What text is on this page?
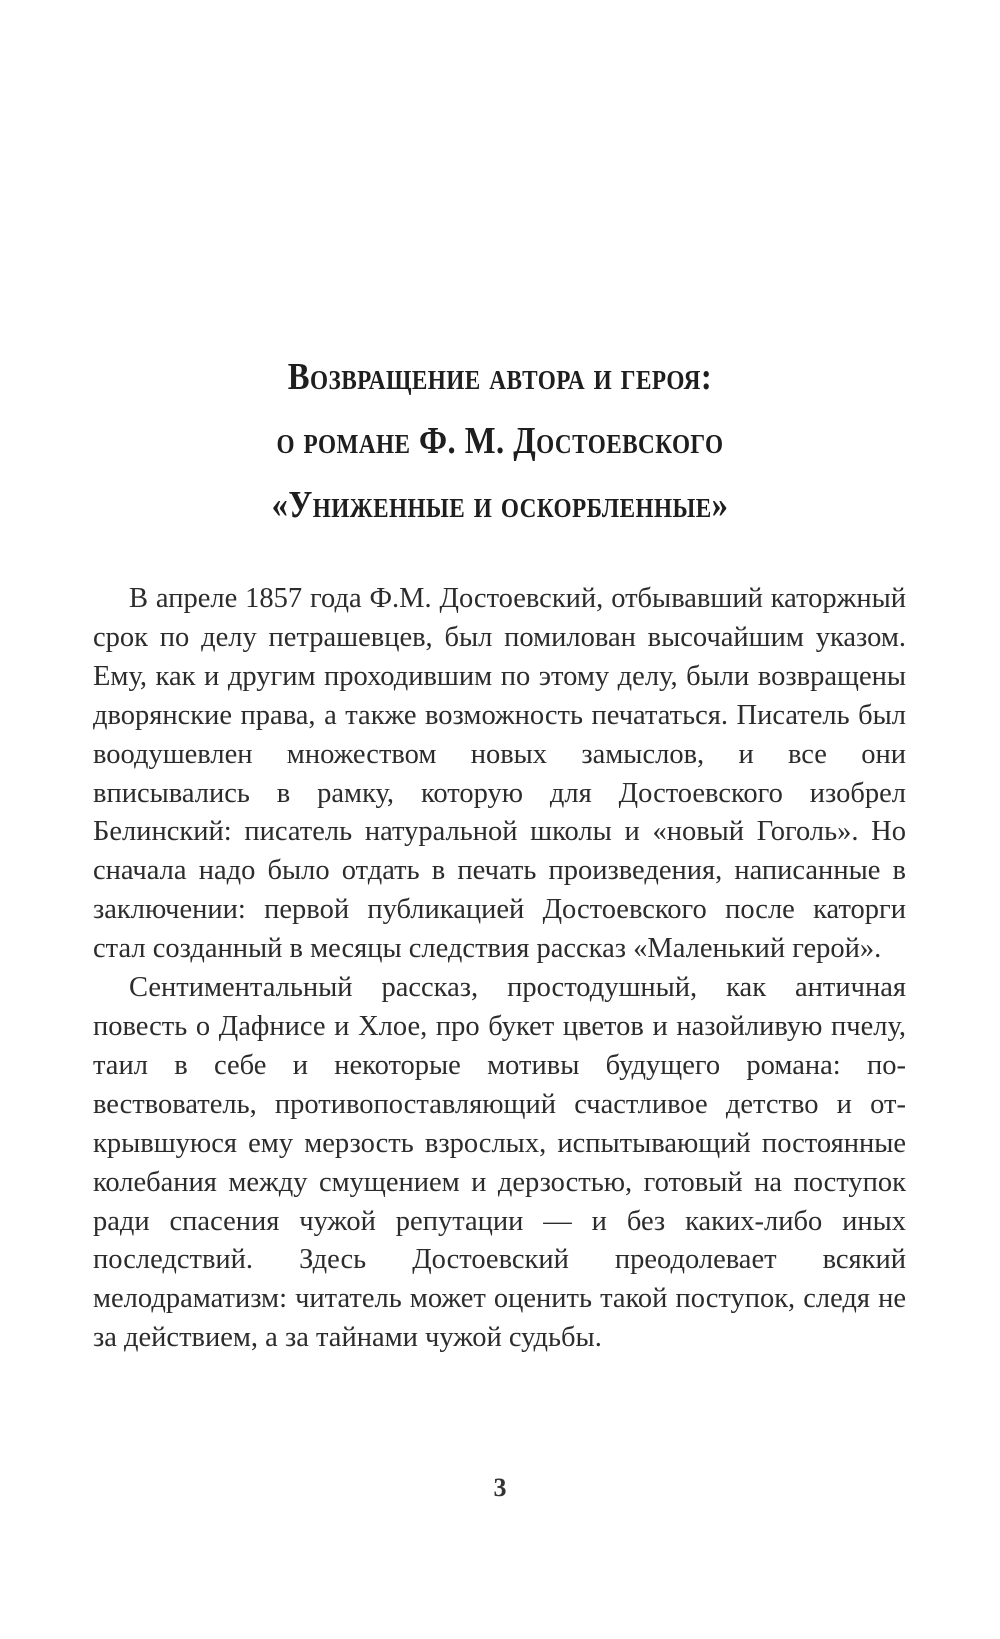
Возвращение автора и героя:
о романе Ф. М. Достоевского
«Униженные и оскорбленные»

В апреле 1857 года Ф.М. Достоевский, отбывавший каторжный срок по делу петрашевцев, был помилован высочайшим указом. Ему, как и другим проходившим по этому делу, были возвращены дворянские права, а также возможность печататься. Писатель был воодушевлен множеством новых замыслов, и все они вписывались в рамку, которую для Достоевского изобрел Белинский: писатель натуральной школы и «новый Гоголь». Но сначала надо было отдать в печать произведения, написанные в заключении: первой публикацией Достоевского после каторги стал созданный в месяцы следствия рассказ «Маленький герой».

Сентиментальный рассказ, простодушный, как античная повесть о Дафнисе и Хлое, про букет цветов и назойливую пчелу, таил в себе и некоторые мотивы будущего романа: повествователь, противопоставляющий счастливое детство и открывшуюся ему мерзость взрослых, испытывающий постоянные колебания между смущением и дерзостью, готовый на поступок ради спасения чужой репутации — и без каких-либо иных последствий. Здесь Достоевский преодолевает всякий мелодраматизм: читатель может оценить такой поступок, следя не за действием, а за тайнами чужой судьбы.

3
